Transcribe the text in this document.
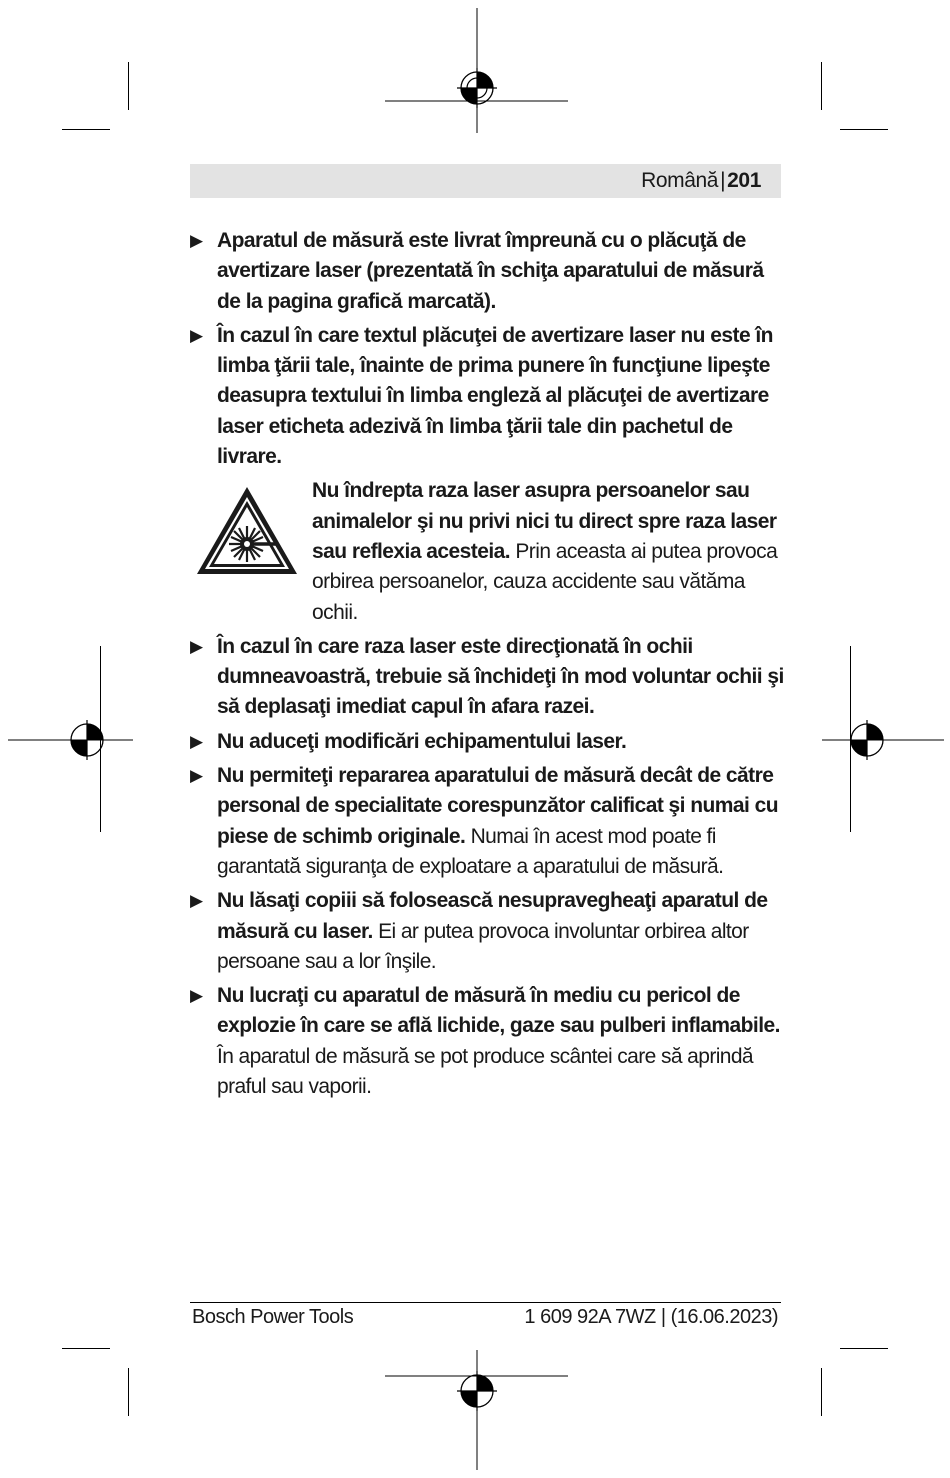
Română|201

▶ Aparatul de măsură este livrat împreună cu o plăcuţă de avertizare laser (prezentată în schiţa aparatului de măsură de la pagina grafică marcată).

▶ În cazul în care textul plăcuţei de avertizare laser nu este în limba ţării tale, înainte de prima punere în funcţiune lipeşte deasupra textului în limba engleză al plăcuţei de avertizare laser eticheta adezivă în limba ţării tale din pachetul de livrare.

Nu îndrepta raza laser asupra persoanelor sau animalelor şi nu privi nici tu direct spre raza laser sau reflexia acesteia. Prin aceasta ai putea provoca orbirea persoanelor, cauza accidente sau vătăma ochii.

▶ În cazul în care raza laser este direcţionată în ochii dumneavoastră, trebuie să închideţi în mod voluntar ochii şi să deplasaţi imediat capul în afara razei.

▶ Nu aduceţi modificări echipamentului laser.

▶ Nu permiteţi repararea aparatului de măsură decât de către personal de specialitate corespunzător calificat şi numai cu piese de schimb originale. Numai în acest mod poate fi garantată siguranţa de exploatare a aparatului de măsură.

▶ Nu lăsaţi copiii să folosească nesupravegheaţi aparatul de măsură cu laser. Ei ar putea provoca involuntar orbirea altor persoane sau a lor înşile.

▶ Nu lucraţi cu aparatul de măsură în mediu cu pericol de explozie în care se află lichide, gaze sau pulberi inflamabile. În aparatul de măsură se pot produce scântei care să aprindă praful sau vaporii.

Bosch Power Tools	1 609 92A 7WZ | (16.06.2023)
